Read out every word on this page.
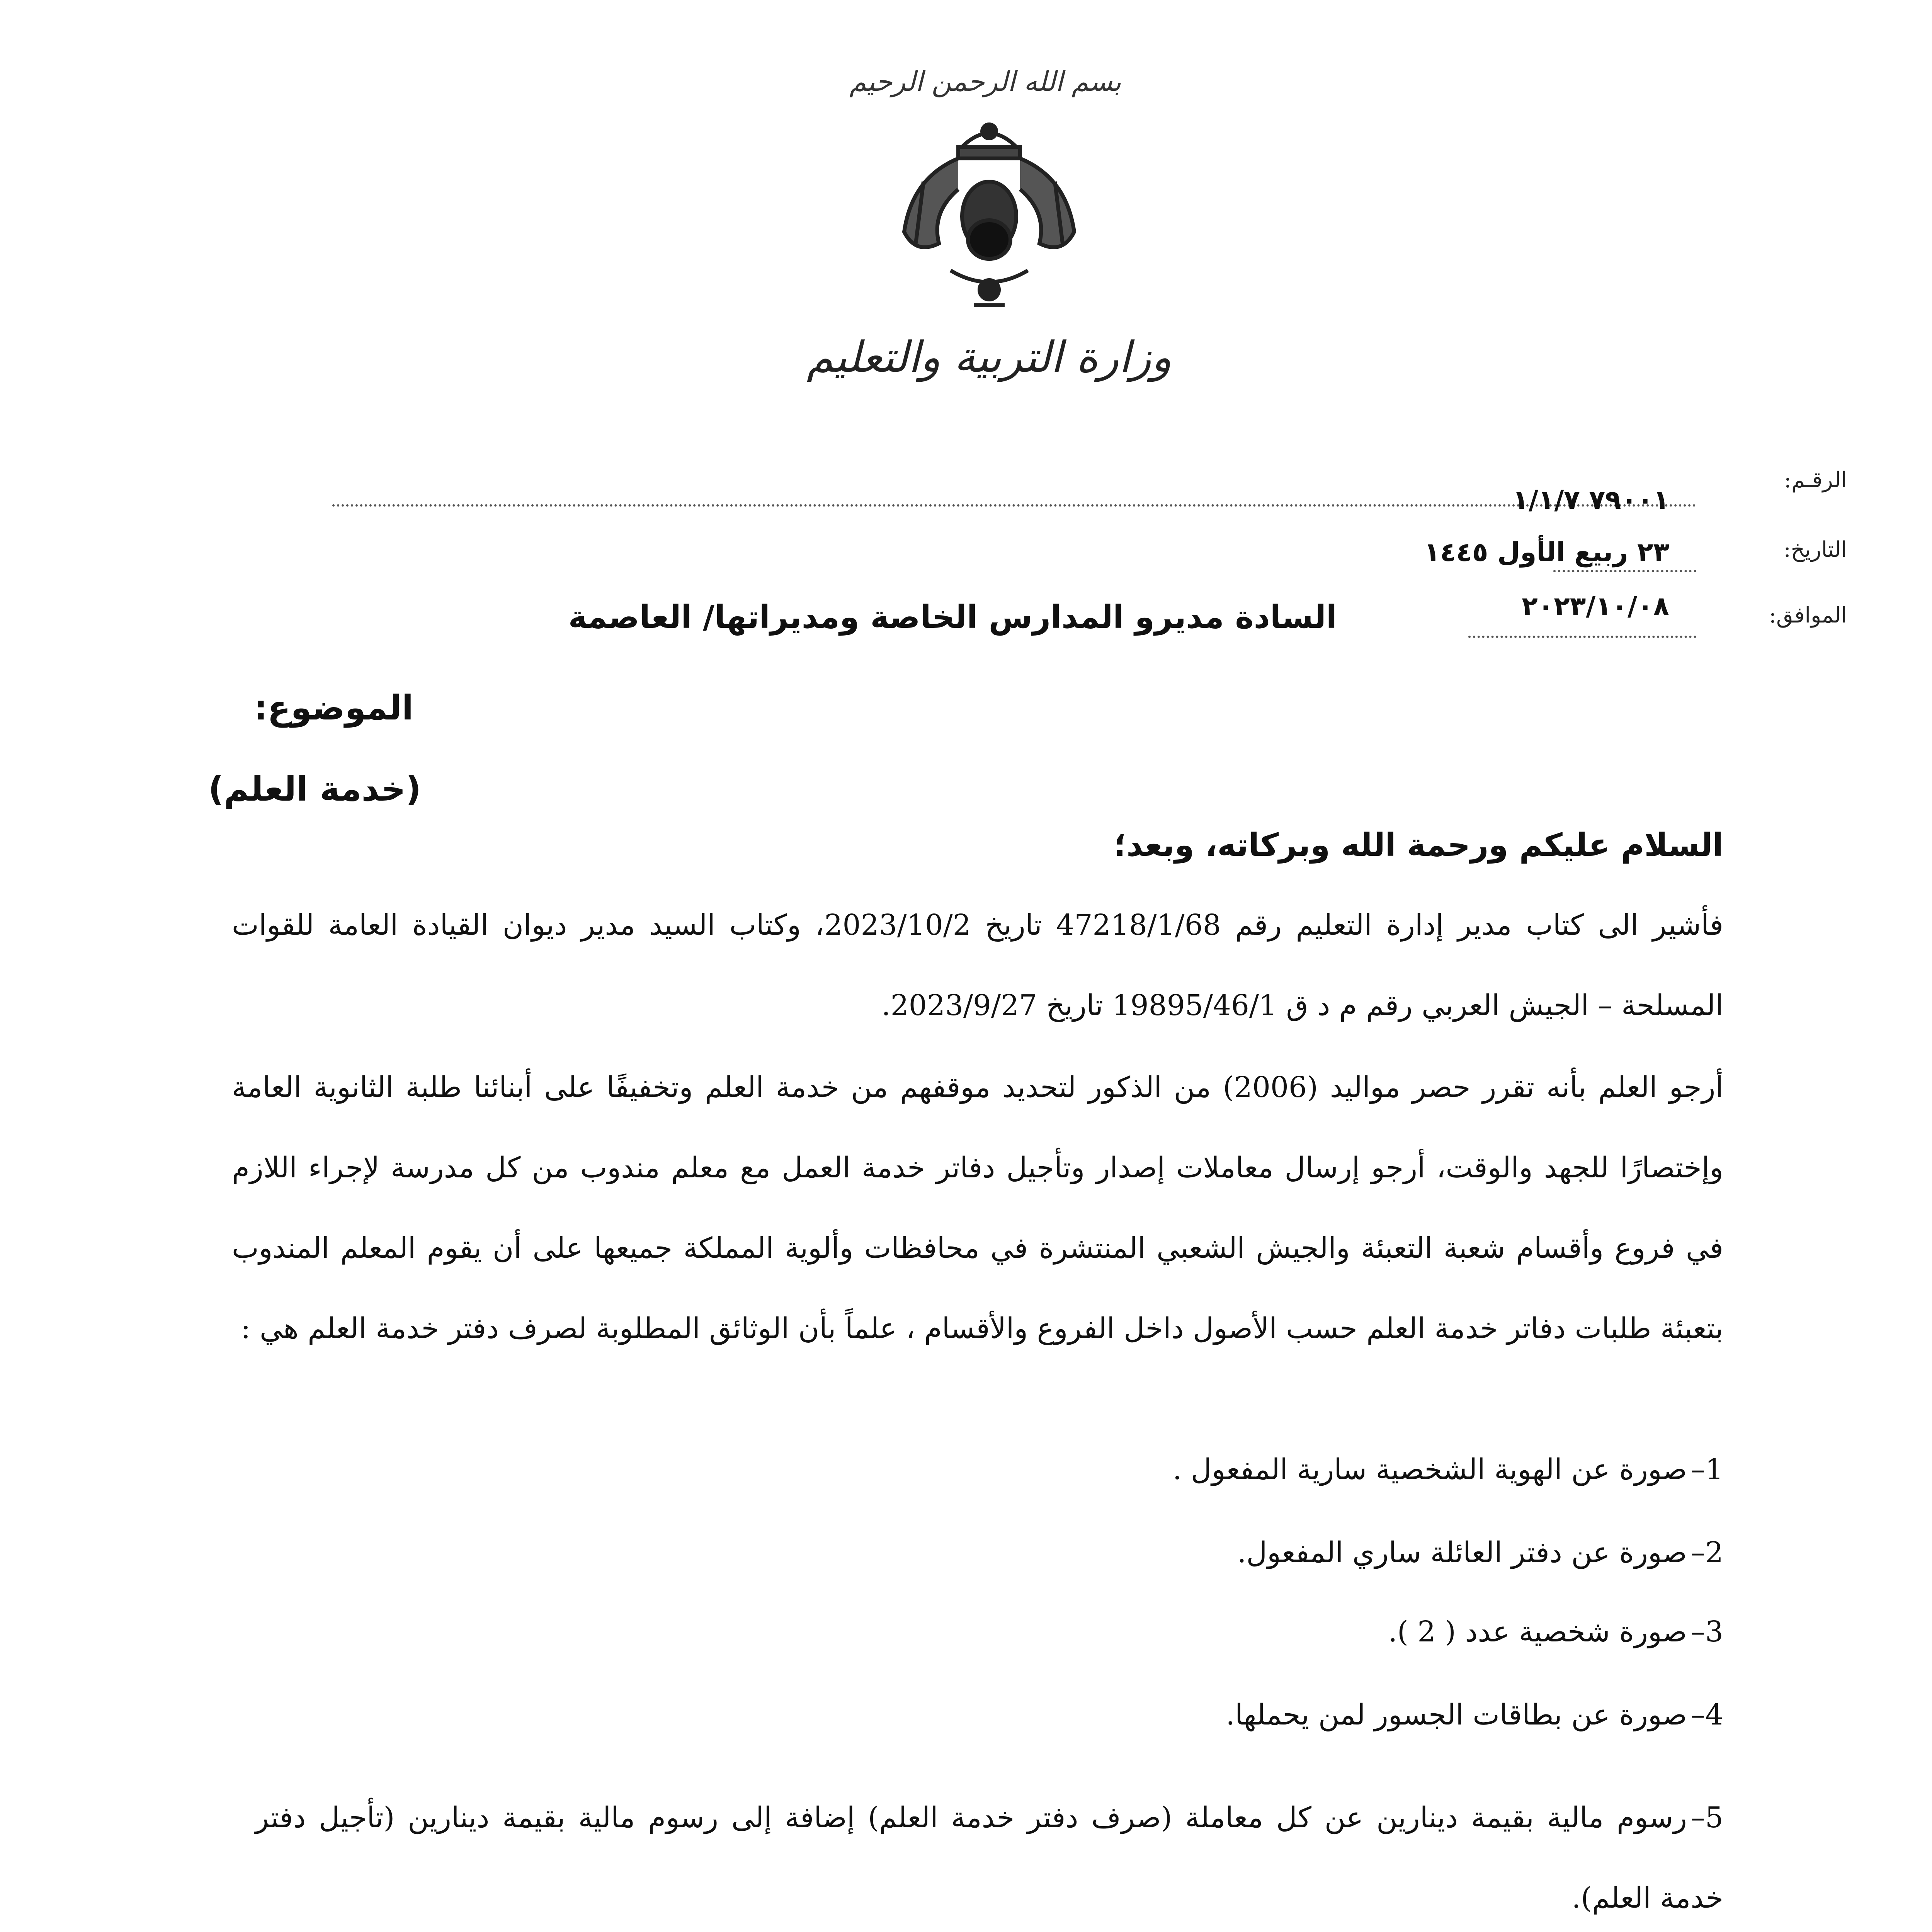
بسم الله الرحمن الرحيم
وزارة التربية والتعليم
الرقـم:
٧٩٠٠١ ١/١/٧
التاريخ:
٢٣ ربيع الأول ١٤٤٥
الموافق:
٢٠٢٣/١٠/٠٨
السادة مديرو المدارس الخاصة ومديراتها/ العاصمة
الموضوع:
(خدمة العلم)
السلام عليكم ورحمة الله وبركاته، وبعد؛
فأشير الى كتاب مدير إدارة التعليم رقم 47218/1/68 تاريخ 2023/10/2، وكتاب السيد مدير ديوان القيادة العامة للقوات المسلحة – الجيش العربي رقم م د ق 19895/46/1 تاريخ 2023/9/27.
أرجو العلم بأنه تقرر حصر مواليد (2006) من الذكور لتحديد موقفهم من خدمة العلم وتخفيفًا على أبنائنا طلبة الثانوية العامة وإختصارًا للجهد والوقت، أرجو إرسال معاملات إصدار وتأجيل دفاتر خدمة العمل مع معلم مندوب من كل مدرسة لإجراء اللازم في فروع وأقسام شعبة التعبئة والجيش الشعبي المنتشرة في محافظات وألوية المملكة جميعها على أن يقوم المعلم المندوب بتعبئة طلبات دفاتر خدمة العلم حسب الأصول داخل الفروع والأقسام ، علماً بأن الوثائق المطلوبة لصرف دفتر خدمة العلم هي :
1–صورة عن الهوية الشخصية سارية المفعول .
2–صورة عن دفتر العائلة ساري المفعول.
3–صورة شخصية عدد ( 2 ).
4–صورة عن بطاقات الجسور لمن يحملها.
5–رسوم مالية بقيمة دينارين عن كل معاملة (صرف دفتر خدمة العلم) إضافة إلى رسوم مالية بقيمة دينارين (تأجيل دفتر خدمة العلم).
